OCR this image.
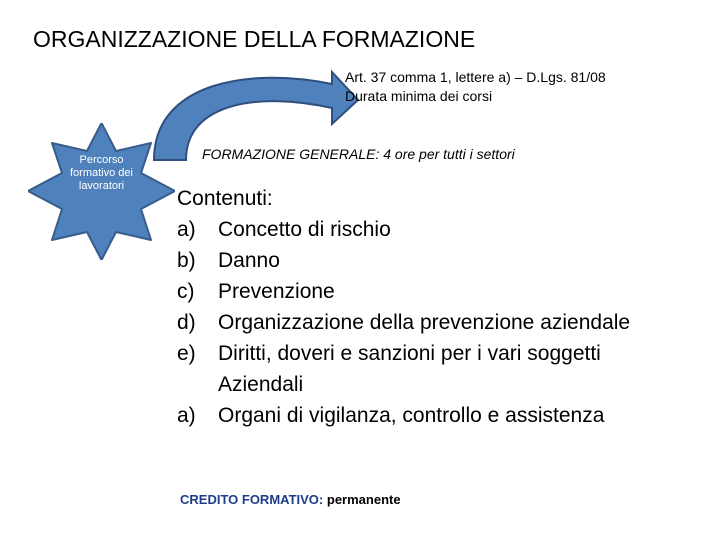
ORGANIZZAZIONE DELLA FORMAZIONE
Art. 37 comma 1, lettere a) – D.Lgs. 81/08
Durata minima dei corsi
Percorso
formativo dei
lavoratori
FORMAZIONE GENERALE: 4 ore per tutti i settori
Contenuti:
a)	Concetto di rischio
b)	Danno
c)	Prevenzione
d)	Organizzazione della prevenzione aziendale
e)	Diritti, doveri e sanzioni per i vari soggetti
Aziendali
a)	Organi di vigilanza, controllo e assistenza
CREDITO FORMATIVO: permanente
